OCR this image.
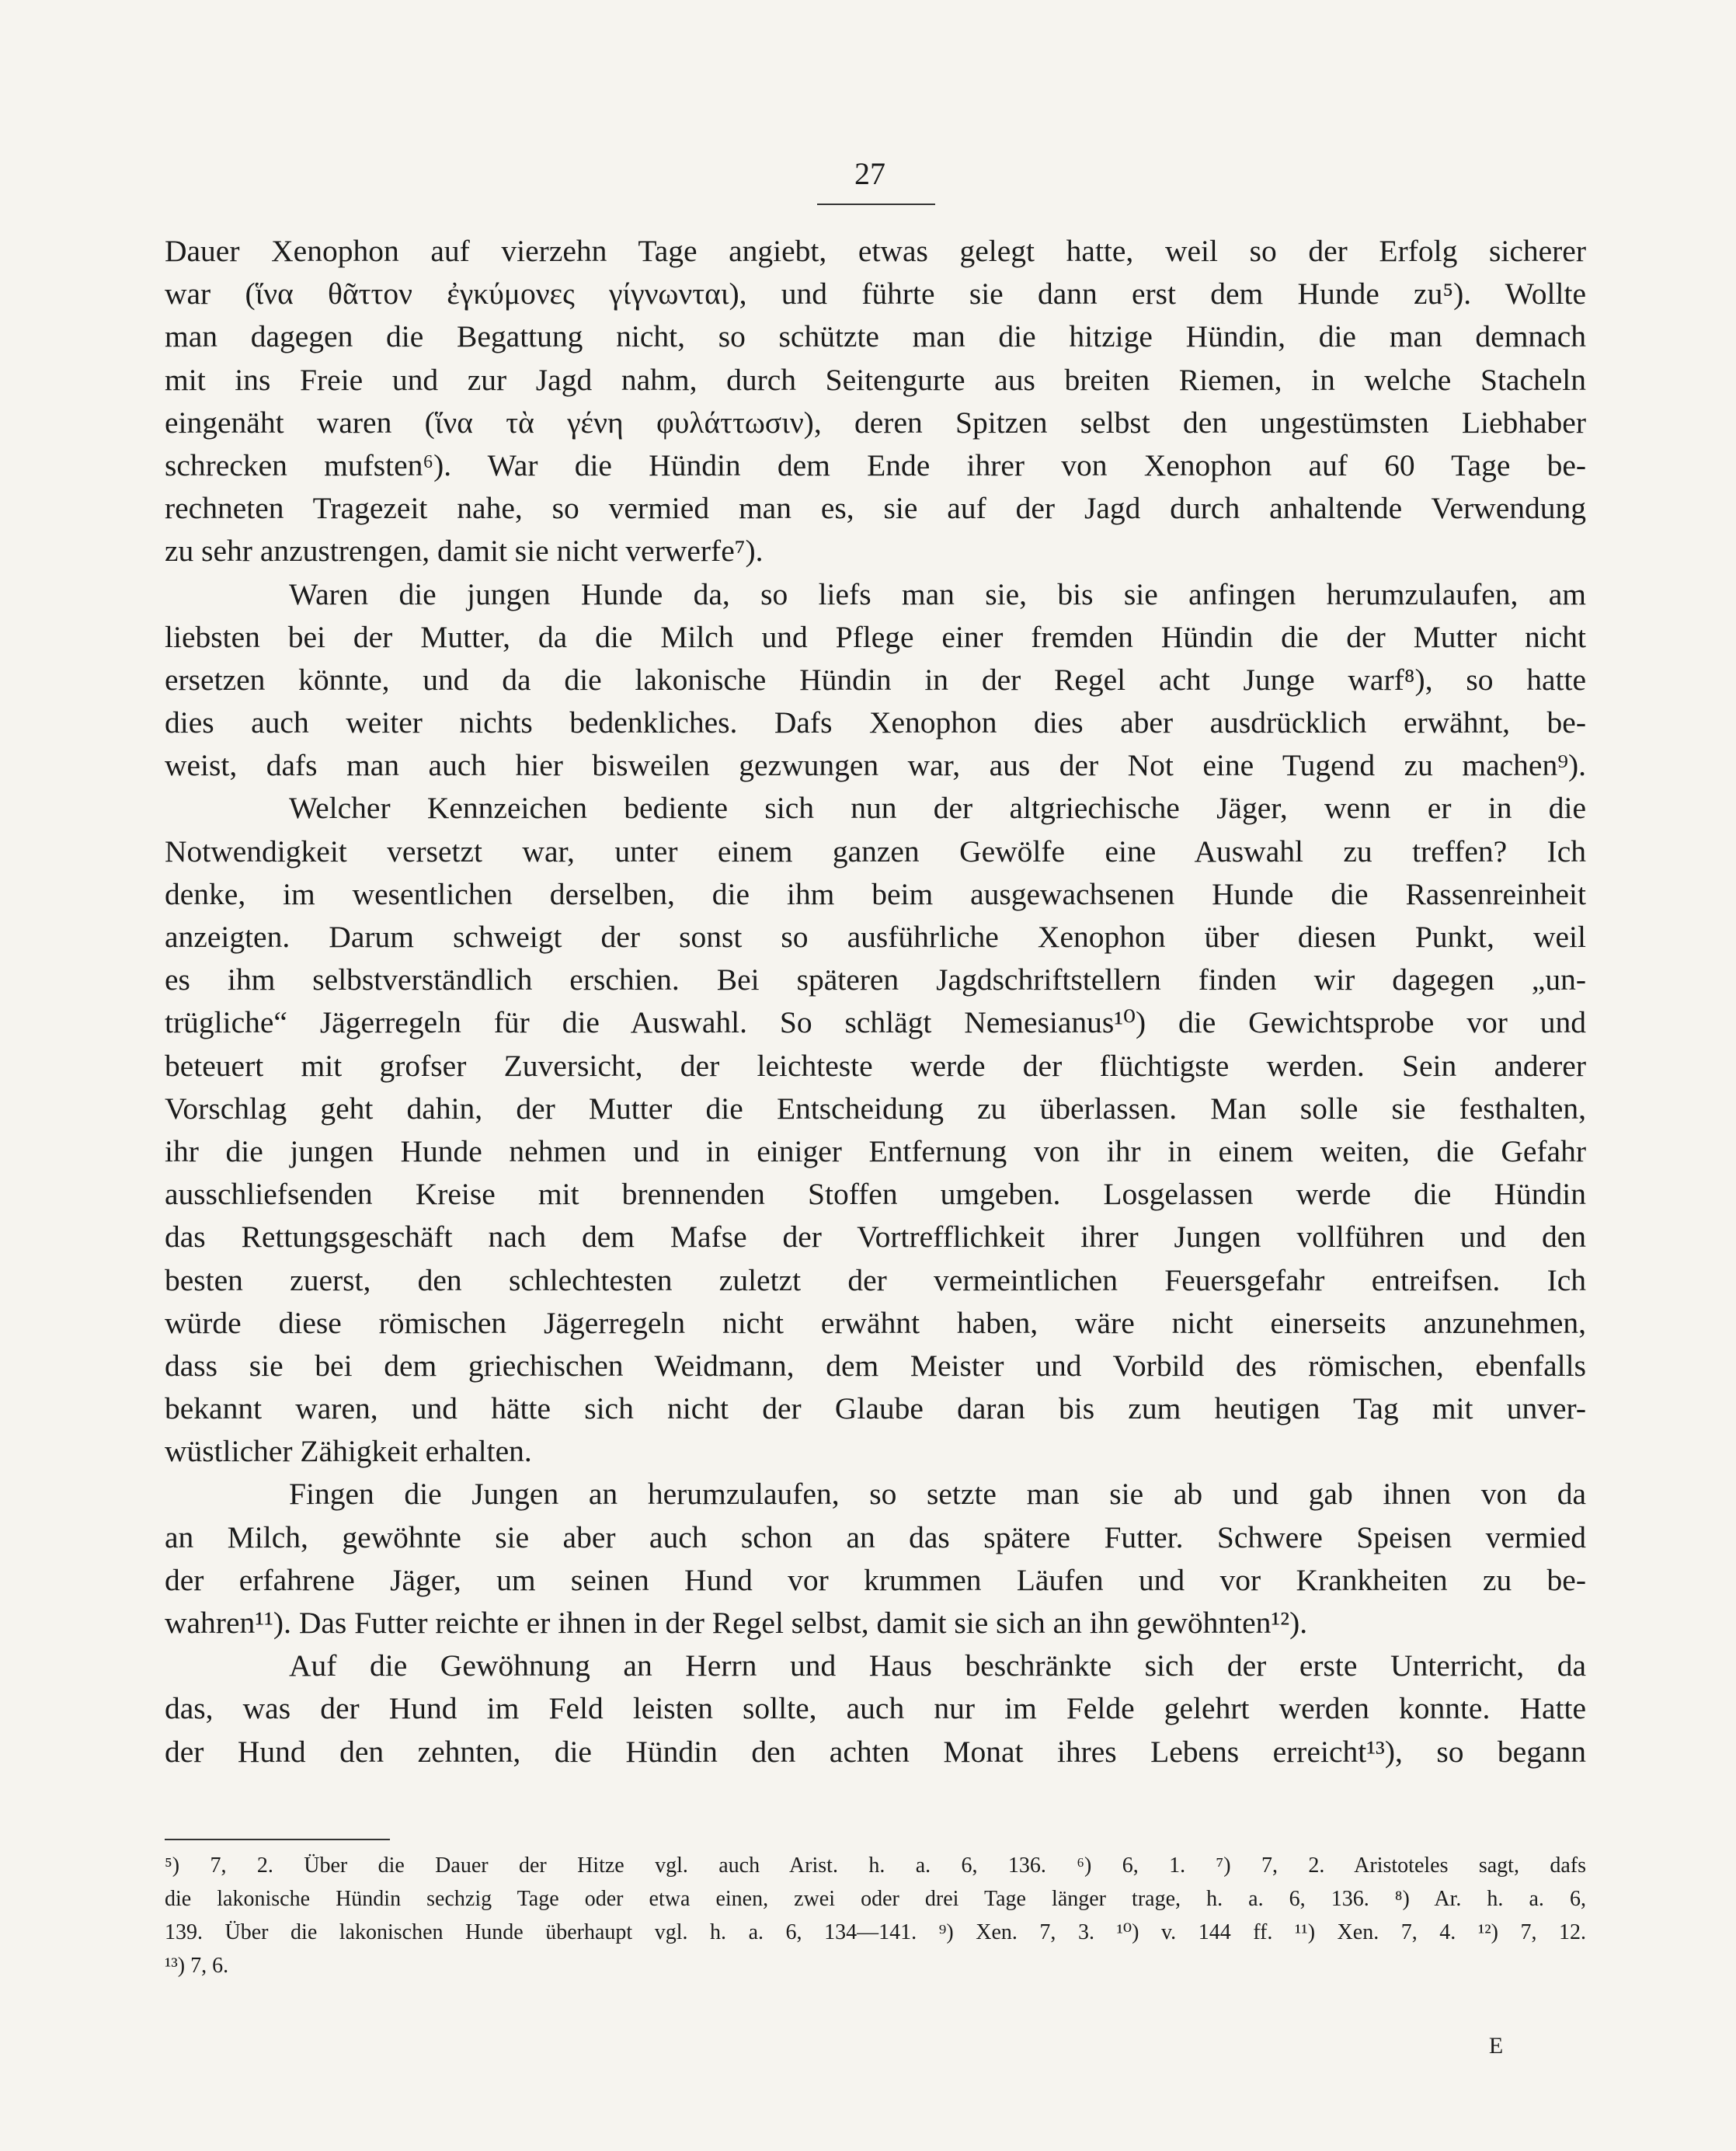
27
Dauer Xenophon auf vierzehn Tage angiebt, etwas gelegt hatte, weil so der Erfolg sicherer
war (ἵνα θᾶττον ἐγκύμονες γίγνωνται), und führte sie dann erst dem Hunde zu⁵). Wollte
man dagegen die Begattung nicht, so schützte man die hitzige Hündin, die man demnach
mit ins Freie und zur Jagd nahm, durch Seitengurte aus breiten Riemen, in welche Stacheln
eingenäht waren (ἵνα τὰ γένη φυλάττωσιν), deren Spitzen selbst den ungestümsten Liebhaber
schrecken mufsten⁶). War die Hündin dem Ende ihrer von Xenophon auf 60 Tage be-
rechneten Tragezeit nahe, so vermied man es, sie auf der Jagd durch anhaltende Verwendung
zu sehr anzustrengen, damit sie nicht verwerfe⁷).
Waren die jungen Hunde da, so liefs man sie, bis sie anfingen herumzulaufen, am
liebsten bei der Mutter, da die Milch und Pflege einer fremden Hündin die der Mutter nicht
ersetzen könnte, und da die lakonische Hündin in der Regel acht Junge warf⁸), so hatte
dies auch weiter nichts bedenkliches. Dafs Xenophon dies aber ausdrücklich erwähnt, be-
weist, dafs man auch hier bisweilen gezwungen war, aus der Not eine Tugend zu machen⁹).
Welcher Kennzeichen bediente sich nun der altgriechische Jäger, wenn er in die
Notwendigkeit versetzt war, unter einem ganzen Gewölfe eine Auswahl zu treffen? Ich
denke, im wesentlichen derselben, die ihm beim ausgewachsenen Hunde die Rassenreinheit
anzeigten. Darum schweigt der sonst so ausführliche Xenophon über diesen Punkt, weil
es ihm selbstverständlich erschien. Bei späteren Jagdschriftstellern finden wir dagegen „un-
trügliche“ Jägerregeln für die Auswahl. So schlägt Nemesianus¹⁰) die Gewichtsprobe vor und
beteuert mit grofser Zuversicht, der leichteste werde der flüchtigste werden. Sein anderer
Vorschlag geht dahin, der Mutter die Entscheidung zu überlassen. Man solle sie festhalten,
ihr die jungen Hunde nehmen und in einiger Entfernung von ihr in einem weiten, die Gefahr
ausschliefsenden Kreise mit brennenden Stoffen umgeben. Losgelassen werde die Hündin
das Rettungsgeschäft nach dem Mafse der Vortrefflichkeit ihrer Jungen vollführen und den
besten zuerst, den schlechtesten zuletzt der vermeintlichen Feuersgefahr entreifsen. Ich
würde diese römischen Jägerregeln nicht erwähnt haben, wäre nicht einerseits anzunehmen,
dass sie bei dem griechischen Weidmann, dem Meister und Vorbild des römischen, ebenfalls
bekannt waren, und hätte sich nicht der Glaube daran bis zum heutigen Tag mit unver-
wüstlicher Zähigkeit erhalten.
Fingen die Jungen an herumzulaufen, so setzte man sie ab und gab ihnen von da
an Milch, gewöhnte sie aber auch schon an das spätere Futter. Schwere Speisen vermied
der erfahrene Jäger, um seinen Hund vor krummen Läufen und vor Krankheiten zu be-
wahren¹¹). Das Futter reichte er ihnen in der Regel selbst, damit sie sich an ihn gewöhnten¹²).
Auf die Gewöhnung an Herrn und Haus beschränkte sich der erste Unterricht, da
das, was der Hund im Feld leisten sollte, auch nur im Felde gelehrt werden konnte. Hatte
der Hund den zehnten, die Hündin den achten Monat ihres Lebens erreicht¹³), so begann
⁵) 7, 2. Über die Dauer der Hitze vgl. auch Arist. h. a. 6, 136. ⁶) 6, 1. ⁷) 7, 2. Aristoteles sagt, dafs
die lakonische Hündin sechzig Tage oder etwa einen, zwei oder drei Tage länger trage, h. a. 6, 136. ⁸) Ar. h. a. 6,
139. Über die lakonischen Hunde überhaupt vgl. h. a. 6, 134—141. ⁹) Xen. 7, 3. ¹⁰) v. 144 ff. ¹¹) Xen. 7, 4. ¹²) 7, 12.
¹³) 7, 6.
E
